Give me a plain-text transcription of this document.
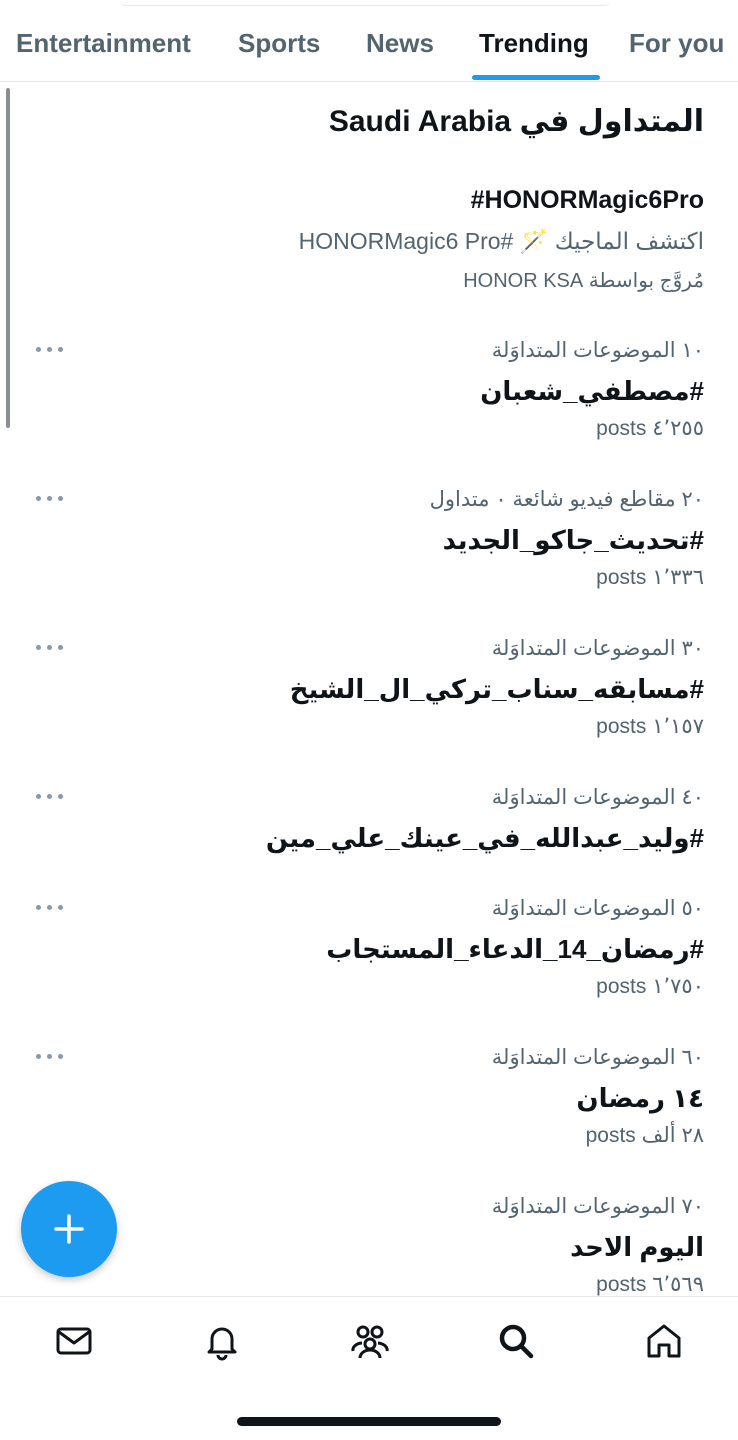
Entertainment Sports News Trending For you
المتداول في Saudi Arabia
#HONORMagic6Pro
اكتشف الماجيك 🪄 #HONORMagic6 Pro
مُروَّج بواسطة HONOR KSA
١٠ الموضوعات المتداوَلة
#مصطفي_شعبان
٤٬٢٥٥ posts
٢٠ مقاطع فيديو شائعة ٠ متداول
#تحديث_جاكو_الجديد
١٬٣٣٦ posts
٣٠ الموضوعات المتداوَلة
#مسابقه_سناب_تركي_ال_الشيخ
١٬١٥٧ posts
٤٠ الموضوعات المتداوَلة
#وليد_عبدالله_في_عينك_علي_مين
٥٠ الموضوعات المتداوَلة
#رمضان_14_الدعاء_المستجاب
١٬٧٥٠ posts
٦٠ الموضوعات المتداوَلة
١٤ رمضان
٢٨ ألف posts
٧٠ الموضوعات المتداوَلة
اليوم الاحد
٦٬٥٦٩ posts
